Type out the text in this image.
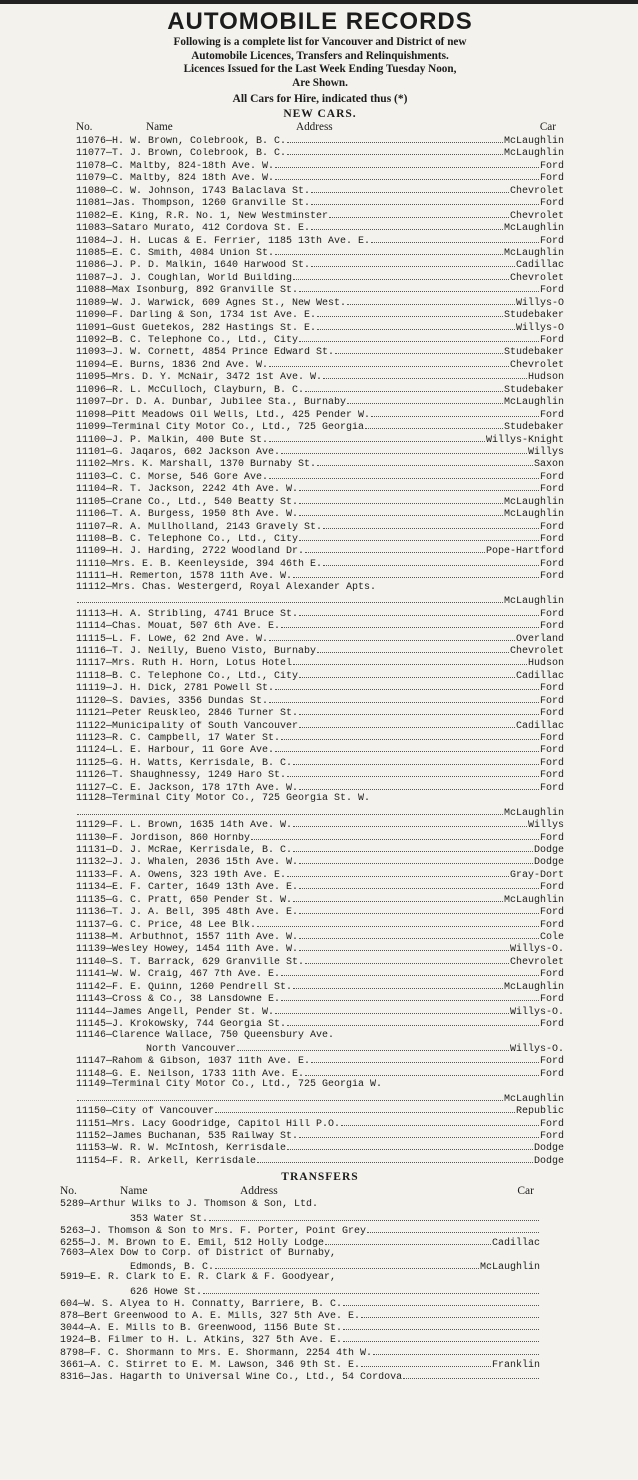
AUTOMOBILE RECORDS
Following is a complete list for Vancouver and District of new
Automobile Licences, Transfers and Relinquishments.
Licences Issued for the Last Week Ending Tuesday Noon,
Are Shown.
All Cars for Hire, indicated thus (*)
NEW CARS.
No.	Name	Address	Car
11076 —H. W. Brown, Colebrook, B. C.	McLaughlin
11077 —T. J. Brown, Colebrook, B. C.	McLaughlin
11078 —C. Maltby, 824-18th Ave. W.	Ford
11079 —C. Maltby, 824 18th Ave. W.	Ford
11080 —C. W. Johnson, 1743 Balaclava St.	Chevrolet
11081 —Jas. Thompson, 1260 Granville St.	Ford
11082 —E. King, R.R. No. 1, New Westminster	Chevrolet
11083 —Sataro Murato, 412 Cordova St. E.	McLaughlin
11084 —J. H. Lucas & E. Ferrier, 1185 13th Ave. E.	Ford
11085 —E. C. Smith, 4084 Union St.	McLaughlin
11086 —J. P. D. Malkin, 1640 Harwood St.	Cadillac
11087 —J. J. Coughlan, World Building	Chevrolet
11088 —Max Isonburg, 892 Granville St.	Ford
11089 —W. J. Warwick, 609 Agnes St., New West.	Willys-O
11090 —F. Darling & Son, 1734 1st Ave. E.	Studebaker
11091 —Gust Guetekos, 282 Hastings St. E.	Willys-O
11092 —B. C. Telephone Co., Ltd., City	Ford
11093 —J. W. Cornett, 4854 Prince Edward St.	Studebaker
11094 —E. Burns, 1836 2nd Ave. W.	Chevrolet
11095 —Mrs. D. Y. McNair, 3472 1st Ave. W.	Hudson
11096 —R. L. McCulloch, Clayburn, B. C.	Studebaker
11097 —Dr. D. A. Dunbar, Jubilee Sta., Burnaby	McLaughlin
11098 —Pitt Meadows Oil Wells, Ltd., 425 Pender W.	Ford
11099 —Terminal City Motor Co., Ltd., 725 Georgia	Studebaker
11100 —J. P. Malkin, 400 Bute St.	Willys-Knight
11101 —G. Jaqaros, 602 Jackson Ave.	Willys
11102 —Mrs. K. Marshall, 1370 Burnaby St.	Saxon
11103 —C. C. Morse, 546 Gore Ave.	Ford
11104 —R. T. Jackson, 2242 4th Ave. W.	Ford
11105 —Crane Co., Ltd., 540 Beatty St.	McLaughlin
11106 —T. A. Burgess, 1950 8th Ave. W.	McLaughlin
11107 —R. A. Mullholland, 2143 Gravely St.	Ford
11108 —B. C. Telephone Co., Ltd., City	Ford
11109 —H. J. Harding, 2722 Woodland Dr.	Pope-Hartford
11110 —Mrs. E. B. Keenleyside, 394 46th E.	Ford
11111 —H. Remerton, 1578 11th Ave. W.	Ford
11112 —Mrs. Chas. Westergerd, Royal Alexander Apts.
McLaughlin
11113 —H. A. Stribling, 4741 Bruce St.	Ford
11114 —Chas. Mouat, 507 6th Ave. E.	Ford
11115 —L. F. Lowe, 62 2nd Ave. W.	Overland
11116 —T. J. Neilly, Bueno Visto, Burnaby	Chevrolet
11117 —Mrs. Ruth H. Horn, Lotus Hotel	Hudson
11118 —B. C. Telephone Co., Ltd., City	Cadillac
11119 —J. H. Dick, 2781 Powell St.	Ford
11120 —S. Davies, 3356 Dundas St.	Ford
11121 —Peter Reuskleo, 2846 Turner St.	Ford
11122 —Municipality of South Vancouver	Cadillac
11123 —R. C. Campbell, 17 Water St.	Ford
11124 —L. E. Harbour, 11 Gore Ave.	Ford
11125 —G. H. Watts, Kerrisdale, B. C.	Ford
11126 —T. Shaughnessy, 1249 Haro St.	Ford
11127 —C. E. Jackson, 178 17th Ave. W.	Ford
11128 —Terminal City Motor Co., 725 Georgia St. W.
McLaughlin
11129 —F. L. Brown, 1635 14th Ave. W.	Willys
11130 —F. Jordison, 860 Hornby	Ford
11131 —D. J. McRae, Kerrisdale, B. C.	Dodge
11132 —J. J. Whalen, 2036 15th Ave. W.	Dodge
11133 —F. A. Owens, 323 19th Ave. E.	Gray-Dort
11134 —E. F. Carter, 1649 13th Ave. E.	Ford
11135 —G. C. Pratt, 650 Pender St. W.	McLaughlin
11136 —T. J. A. Bell, 395 48th Ave. E.	Ford
11137 —G. C. Price, 48 Lee Blk.	Ford
11138 —M. Arbuthnot, 1557 11th Ave. W.	Cole
11139 —Wesley Howey, 1454 11th Ave. W.	Willys-O.
11140 —S. T. Barrack, 629 Granville St.	Chevrolet
11141 —W. W. Craig, 467 7th Ave. E.	Ford
11142 —F. E. Quinn, 1260 Pendrell St.	McLaughlin
11143 —Cross & Co., 38 Lansdowne E.	Ford
11144 —James Angell, Pender St. W.	Willys-O.
11145 —J. Krokowsky, 744 Georgia St.	Ford
11146 —Clarence Wallace, 750 Queensbury Ave.
North Vancouver	Willys-O.
11147 —Rahom & Gibson, 1037 11th Ave. E.	Ford
11148 —G. E. Neilson, 1733 11th Ave. E.	Ford
11149 —Terminal City Motor Co., Ltd., 725 Georgia W.
McLaughlin
11150 —City of Vancouver	Republic
11151 —Mrs. Lacy Goodridge, Capitol Hill P.O.	Ford
11152 —James Buchanan, 535 Railway St.	Ford
11153 —W. R. W. McIntosh, Kerrisdale	Dodge
11154 —F. R. Arkell, Kerrisdale	Dodge
TRANSFERS
No.	Name	Address	Car
5289 —Arthur Wilks to J. Thomson & Son, Ltd.
353 Water St.
5263 —J. Thomson & Son to Mrs. F. Porter, Point Grey
6255 —J. M. Brown to E. Emil, 512 Holly Lodge	Cadillac
7603 —Alex Dow to Corp. of District of Burnaby,
Edmonds, B. C.	McLaughlin
5919 —E. R. Clark to E. R. Clark & F. Goodyear,
626 Howe St.
604 —W. S. Alyea to H. Connatty, Barriere, B. C.
878 —Bert Greenwood to A. E. Mills, 327 5th Ave. E.
3044 —A. E. Mills to B. Greenwood, 1156 Bute St.
1924 —B. Filmer to H. L. Atkins, 327 5th Ave. E.
8798 —F. C. Shormann to Mrs. E. Shormann, 2254 4th W.
3661 —A. C. Stirret to E. M. Lawson, 346 9th St. E.	Franklin
8316 —Jas. Hagarth to Universal Wine Co., Ltd., 54 Cordova
